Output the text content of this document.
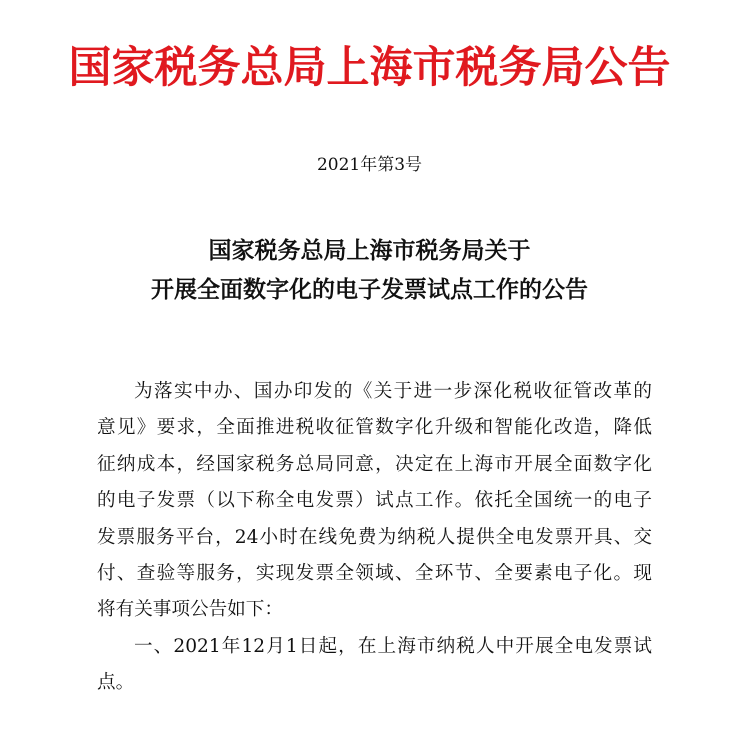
国家税务总局上海市税务局公告
2021年第3号
国家税务总局上海市税务局关于
开展全面数字化的电子发票试点工作的公告
为落实中办、国办印发的《关于进一步深化税收征管改革的
意见》要求，全面推进税收征管数字化升级和智能化改造，降低
征纳成本，经国家税务总局同意，决定在上海市开展全面数字化
的电子发票（以下称全电发票）试点工作。依托全国统一的电子
发票服务平台，24小时在线免费为纳税人提供全电发票开具、交
付、查验等服务，实现发票全领域、全环节、全要素电子化。现
将有关事项公告如下：
一、2021年12月1日起，在上海市纳税人中开展全电发票试
点。
